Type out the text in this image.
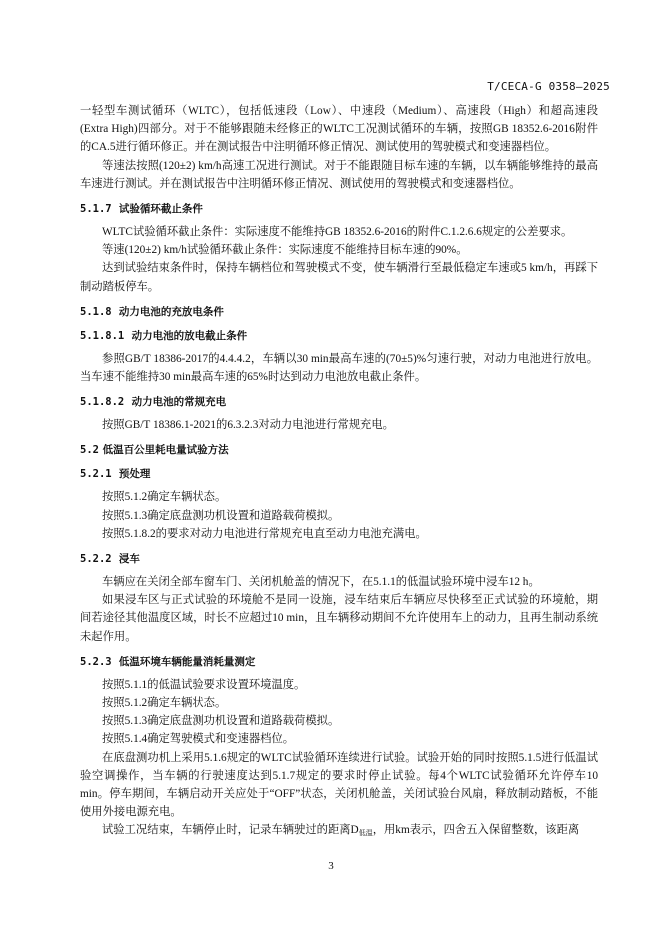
T/CECA-G 0358—2025

一轻型车测试循环（WLTC），包括低速段（Low）、中速段（Medium）、高速段（High）和超高速段(Extra High)四部分。对于不能够跟随未经修正的WLTC工况测试循环的车辆，按照GB 18352.6-2016附件的CA.5进行循环修正。并在测试报告中注明循环修正情况、测试使用的驾驶模式和变速器档位。

等速法按照(120±2) km/h高速工况进行测试。对于不能跟随目标车速的车辆，以车辆能够维持的最高车速进行测试。并在测试报告中注明循环修正情况、测试使用的驾驶模式和变速器档位。

5.1.7 试验循环截止条件

WLTC试验循环截止条件：实际速度不能维持GB 18352.6-2016的附件C.1.2.6.6规定的公差要求。

等速(120±2) km/h试验循环截止条件：实际速度不能维持目标车速的90%。

达到试验结束条件时，保持车辆档位和驾驶模式不变，使车辆滑行至最低稳定车速或5 km/h，再踩下制动踏板停车。

5.1.8 动力电池的充放电条件
5.1.8.1 动力电池的放电截止条件

参照GB/T 18386-2017的4.4.4.2，车辆以30 min最高车速的(70±5)%匀速行驶，对动力电池进行放电。当车速不能维持30 min最高车速的65%时达到动力电池放电截止条件。

5.1.8.2 动力电池的常规充电

按照GB/T 18386.1-2021的6.3.2.3对动力电池进行常规充电。

5.2 低温百公里耗电量试验方法
5.2.1 预处理

按照5.1.2确定车辆状态。

按照5.1.3确定底盘测功机设置和道路载荷模拟。

按照5.1.8.2的要求对动力电池进行常规充电直至动力电池充满电。

5.2.2 浸车

车辆应在关闭全部车窗车门、关闭机舱盖的情况下，在5.1.1的低温试验环境中浸车12 h。

如果浸车区与正式试验的环境舱不是同一设施，浸车结束后车辆应尽快移至正式试验的环境舱，期间若途径其他温度区域，时长不应超过10 min，且车辆移动期间不允许使用车上的动力，且再生制动系统未起作用。

5.2.3 低温环境车辆能量消耗量测定

按照5.1.1的低温试验要求设置环境温度。

按照5.1.2确定车辆状态。

按照5.1.3确定底盘测功机设置和道路载荷模拟。

按照5.1.4确定驾驶模式和变速器档位。

在底盘测功机上采用5.1.6规定的WLTC试验循环连续进行试验。试验开始的同时按照5.1.5进行低温试验空调操作，当车辆的行驶速度达到5.1.7规定的要求时停止试验。每4个WLTC试验循环允许停车10 min。停车期间，车辆启动开关应处于“OFF”状态，关闭机舱盖，关闭试验台风扇，释放制动踏板，不能使用外接电源充电。

试验工况结束，车辆停止时，记录车辆驶过的距离$D_{低温}$，用km表示，四舍五入保留整数，该距离

3
